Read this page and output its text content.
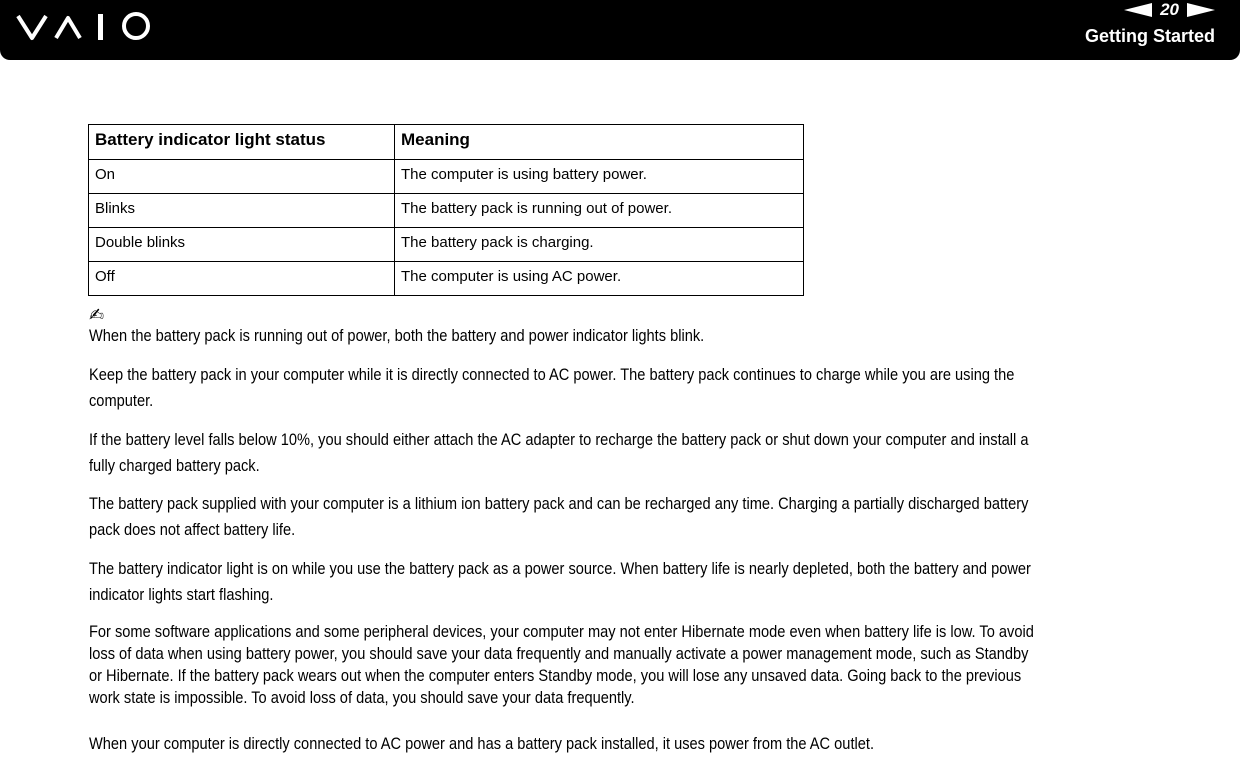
20
Getting Started
Battery indicator light status	Meaning
On	The computer is using battery power.
Blinks	The battery pack is running out of power.
Double blinks	The battery pack is charging.
Off	The computer is using AC power.
✍

When the battery pack is running out of power, both the battery and power indicator lights blink.

Keep the battery pack in your computer while it is directly connected to AC power. The battery pack continues to charge while you are using the computer.

If the battery level falls below 10%, you should either attach the AC adapter to recharge the battery pack or shut down your computer and install a fully charged battery pack.

The battery pack supplied with your computer is a lithium ion battery pack and can be recharged any time. Charging a partially discharged battery pack does not affect battery life.

The battery indicator light is on while you use the battery pack as a power source. When battery life is nearly depleted, both the battery and power indicator lights start flashing.

For some software applications and some peripheral devices, your computer may not enter Hibernate mode even when battery life is low. To avoid loss of data when using battery power, you should save your data frequently and manually activate a power management mode, such as Standby or Hibernate. If the battery pack wears out when the computer enters Standby mode, you will lose any unsaved data. Going back to the previous work state is impossible. To avoid loss of data, you should save your data frequently.

When your computer is directly connected to AC power and has a battery pack installed, it uses power from the AC outlet.
